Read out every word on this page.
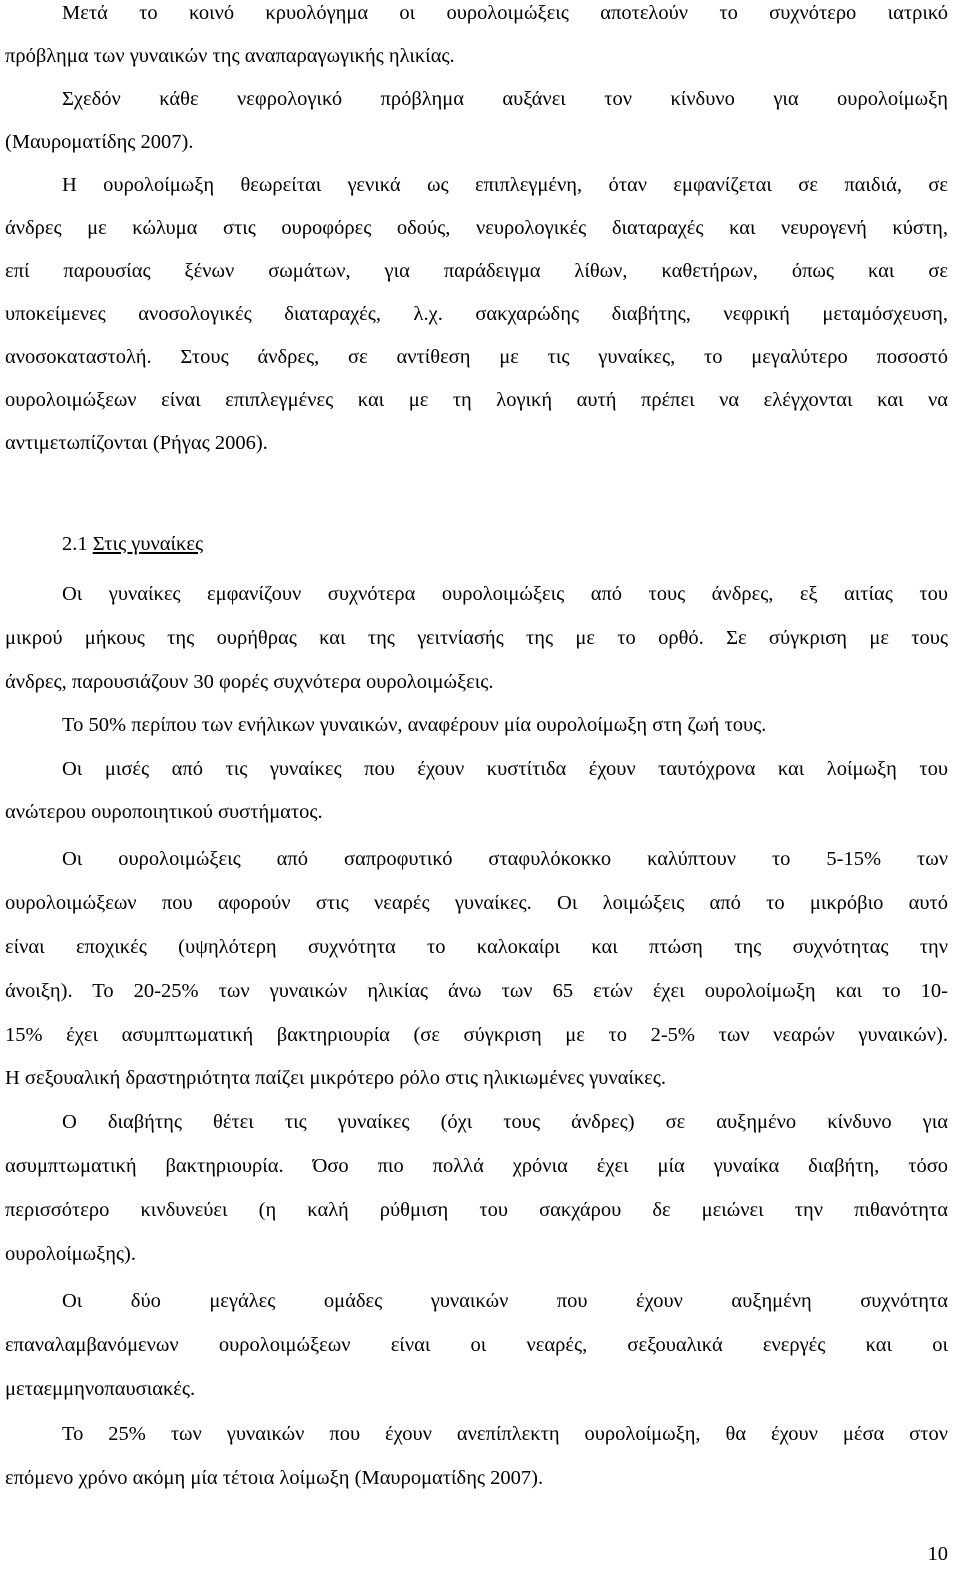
Μετά το κοινό κρυολόγημα οι ουρολοιμώξεις αποτελούν το συχνότερο ιατρικό
πρόβλημα των γυναικών της αναπαραγωγικής ηλικίας.
Σχεδόν κάθε νεφρολογικό πρόβλημα αυξάνει τον κίνδυνο για ουρολοίμωξη
(Μαυροματίδης 2007).
Η ουρολοίμωξη θεωρείται γενικά ως επιπλεγμένη, όταν εμφανίζεται σε παιδιά, σε
άνδρες με κώλυμα στις ουροφόρες οδούς, νευρολογικές διαταραχές και νευρογενή κύστη,
επί παρουσίας ξένων σωμάτων, για παράδειγμα λίθων, καθετήρων, όπως και σε
υποκείμενες ανοσολογικές διαταραχές, λ.χ. σακχαρώδης διαβήτης, νεφρική μεταμόσχευση,
ανοσοκαταστολή. Στους άνδρες, σε αντίθεση με τις γυναίκες, το μεγαλύτερο ποσοστό
ουρολοιμώξεων είναι επιπλεγμένες και με τη λογική αυτή πρέπει να ελέγχονται και να
αντιμετωπίζονται (Ρήγας 2006).
2.1 Στις γυναίκες
Οι γυναίκες εμφανίζουν συχνότερα ουρολοιμώξεις από τους άνδρες, εξ αιτίας του
μικρού μήκους της ουρήθρας και της γειτνίασής της με το ορθό. Σε σύγκριση με τους
άνδρες, παρουσιάζουν 30 φορές συχνότερα ουρολοιμώξεις.
Το 50% περίπου των ενήλικων γυναικών, αναφέρουν μία ουρολοίμωξη στη ζωή τους.
Οι μισές από τις γυναίκες που έχουν κυστίτιδα έχουν ταυτόχρονα και λοίμωξη του
ανώτερου ουροποιητικού συστήματος.
Οι ουρολοιμώξεις από σαπροφυτικό σταφυλόκοκκο καλύπτουν το 5-15% των
ουρολοιμώξεων που αφορούν στις νεαρές γυναίκες. Οι λοιμώξεις από το μικρόβιο αυτό
είναι εποχικές (υψηλότερη συχνότητα το καλοκαίρι και πτώση της συχνότητας την
άνοιξη). Το 20-25% των γυναικών ηλικίας άνω των 65 ετών έχει ουρολοίμωξη και το 10-
15% έχει ασυμπτωματική βακτηριουρία (σε σύγκριση με το 2-5% των νεαρών γυναικών).
Η σεξουαλική δραστηριότητα παίζει μικρότερο ρόλο στις ηλικιωμένες γυναίκες.
Ο διαβήτης θέτει τις γυναίκες (όχι τους άνδρες) σε αυξημένο κίνδυνο για
ασυμπτωματική βακτηριουρία. Όσο πιο πολλά χρόνια έχει μία γυναίκα διαβήτη, τόσο
περισσότερο κινδυνεύει (η καλή ρύθμιση του σακχάρου δε μειώνει την πιθανότητα
ουρολοίμωξης).
Οι δύο μεγάλες ομάδες γυναικών που έχουν αυξημένη συχνότητα
επαναλαμβανόμενων ουρολοιμώξεων είναι οι νεαρές, σεξουαλικά ενεργές και οι
μεταεμμηνοπαυσιακές.
Το 25% των γυναικών που έχουν ανεπίπλεκτη ουρολοίμωξη, θα έχουν μέσα στον
επόμενο χρόνο ακόμη μία τέτοια λοίμωξη (Μαυροματίδης 2007).
10
